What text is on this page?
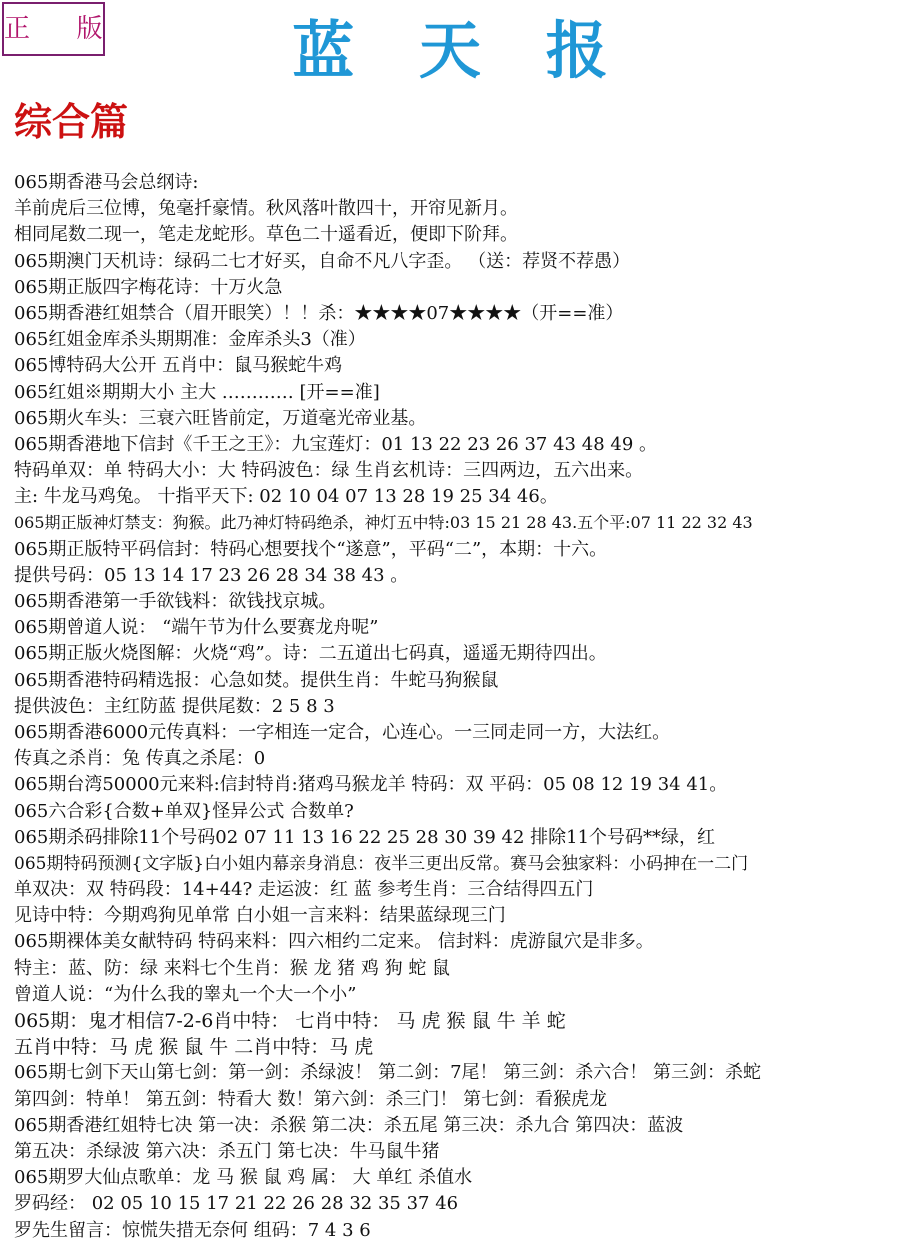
正  版	蓝   天   报
综合篇
065期香港马会总纲诗:
羊前虎后三位博，兔毫扦豪情。秋风落叶散四十，开帘见新月。
相同尾数二现一，笔走龙蛇形。草色二十遥看近，便即下阶拜。
065期澳门天机诗：绿码二七才好买，自命不凡八字歪。 （送：荐贤不荐愚）
065期正版四字梅花诗：十万火急
065期香港红姐禁合（眉开眼笑）！！杀：★★★★07★★★★（开==准）
065红姐金库杀头期期准：金库杀头3（准）
065博特码大公开 五肖中：鼠马猴蛇牛鸡
065红姐※期期大小 主大 ………… [开==准]
065期火车头：三衰六旺皆前定，万道毫光帝业基。
065期香港地下信封《千王之王》：九宝莲灯：01 13 22 23 26 37 43 48 49 。
特码单双：单 特码大小：大 特码波色：绿 生肖玄机诗：三四两边，五六出来。
主: 牛龙马鸡兔。 十指平天下: 02 10 04 07 13 28 19 25 34 46。
065期正版神灯禁支：狗猴。此乃神灯特码绝杀，神灯五中特:03 15 21 28 43.五个平:07 11 22 32 43
065期正版特平码信封：特码心想要找个“遂意”，平码“二”，本期：十六。
提供号码：05 13 14 17 23 26 28 34 38 43 。
065期香港第一手欲钱料：欲钱找京城。
065期曾道人说： “端午节为什么要赛龙舟呢”
065期正版火烧图解：火烧“鸡”。诗：二五道出七码真，遥遥无期待四出。
065期香港特码精选报：心急如焚。提供生肖：牛蛇马狗猴鼠
提供波色：主红防蓝 提供尾数：2 5 8 3
065期香港6000元传真料：一字相连一定合，心连心。一三同走同一方，大法红。
传真之杀肖：兔 传真之杀尾：0
065期台湾50000元来料:信封特肖:猪鸡马猴龙羊 特码：双 平码：05 08 12 19 34 41。
065六合彩{合数+单双}怪异公式 合数单?
065期杀码排除11个号码02 07 11 13 16 22 25 28 30 39 42 排除11个号码**绿，红
065期特码预测{文字版}白小姐内幕亲身消息：夜半三更出反常。赛马会独家料：小码抻在一二门
单双决：双 特码段：14+44? 走运波：红 蓝 参考生肖：三合结得四五门
见诗中特：今期鸡狗见单常 白小姐一言来料：结果蓝绿现三门
065期裸体美女献特码 特码来料：四六相约二定来。 信封料：虎游鼠穴是非多。
特主：蓝、防：绿 来料七个生肖：猴 龙 猪 鸡 狗 蛇 鼠
曾道人说：“为什么我的睾丸一个大一个小”
065期：鬼才相信7-2-6肖中特： 七肖中特： 马 虎 猴 鼠 牛 羊 蛇
五肖中特：马 虎 猴 鼠 牛 二肖中特：马 虎
065期七剑下天山第七剑：第一剑：杀绿波！ 第二剑：7尾！ 第三剑：杀六合！ 第三剑：杀蛇
第四剑：特单！ 第五剑：特看大 数！第六剑：杀三门！ 第七剑：看猴虎龙
065期香港红姐特七决 第一决：杀猴 第二决：杀五尾 第三决：杀九合 第四决：蓝波
第五决：杀绿波 第六决：杀五门 第七决：牛马鼠牛猪
065期罗大仙点歌单：龙 马 猴 鼠 鸡 属： 大 单红 杀值水
罗码经： 02 05 10 15 17 21 22 26 28 32 35 37 46
罗先生留言：惊慌失措无奈何 组码：7 4 3 6
